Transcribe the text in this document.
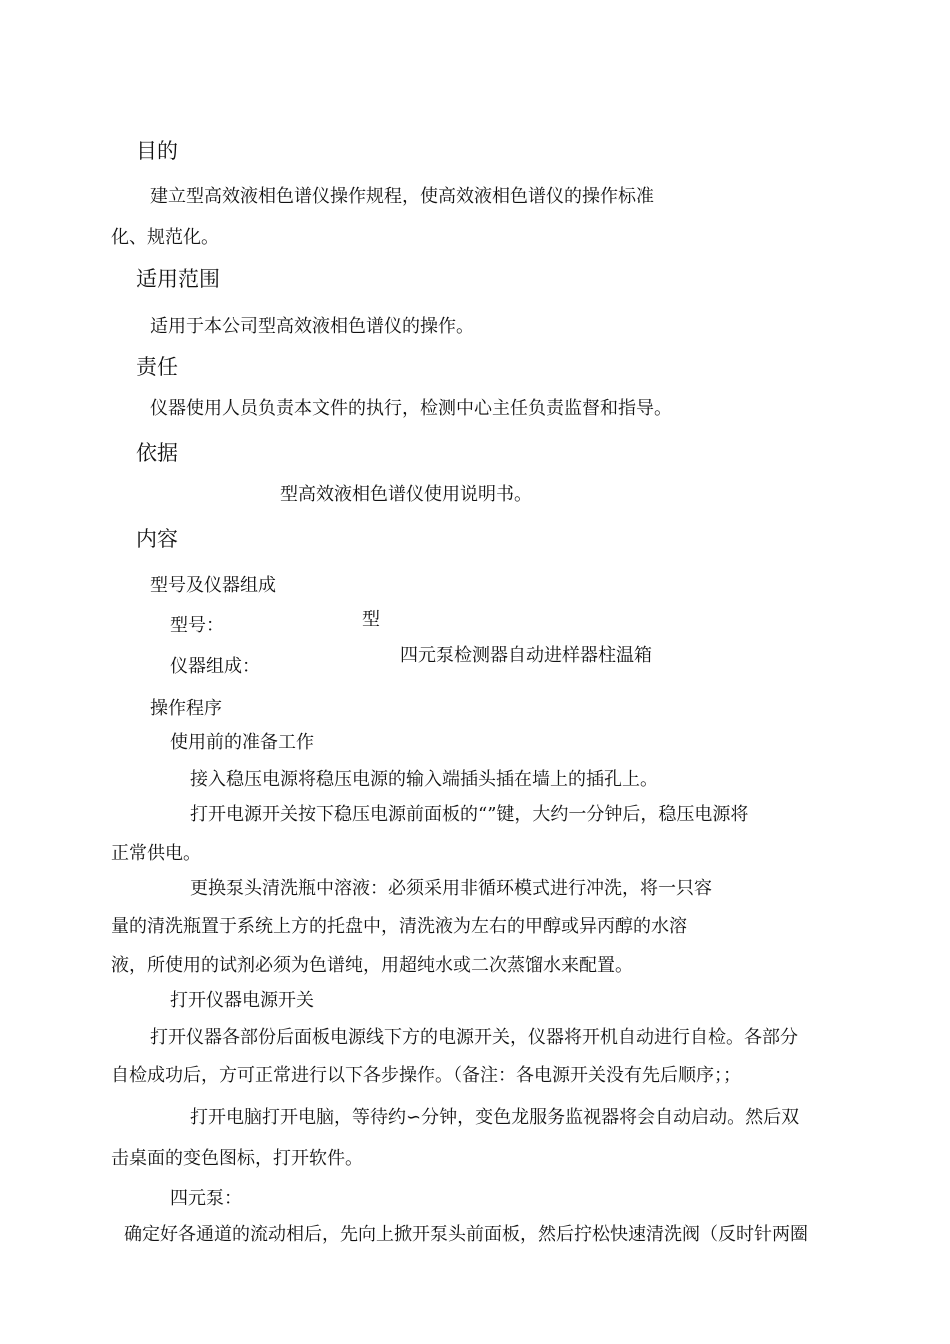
目的
建立型高效液相色谱仪操作规程，使高效液相色谱仪的操作标准
化、规范化。
适用范围
适用于本公司型高效液相色谱仪的操作。
责任
仪器使用人员负责本文件的执行，检测中心主任负责监督和指导。
依据
型高效液相色谱仪使用说明书。
内容
型号及仪器组成
型号：	型
仪器组成：
四元泵检测器自动进样器柱温箱
操作程序
使用前的准备工作
接入稳压电源将稳压电源的输入端插头插在墙上的插孔上。
打开电源开关按下稳压电源前面板的“”键，大约一分钟后，稳压电源将
正常供电。
更换泵头清洗瓶中溶液：必须采用非循环模式进行冲洗，将一只容
量的清洗瓶置于系统上方的托盘中，清洗液为左右的甲醇或异丙醇的水溶
液，所使用的试剂必须为色谱纯，用超纯水或二次蒸馏水来配置。
打开仪器电源开关
打开仪器各部份后面板电源线下方的电源开关，仪器将开机自动进行自检。各部分
自检成功后，方可正常进行以下各步操作。（备注：各电源开关没有先后顺序；；
打开电脑打开电脑，等待约∽分钟，变色龙服务监视器将会自动启动。然后双
击桌面的变色图标，打开软件。
四元泵：
确定好各通道的流动相后，先向上掀开泵头前面板，然后拧松快速清洗阀（反时针两圈
